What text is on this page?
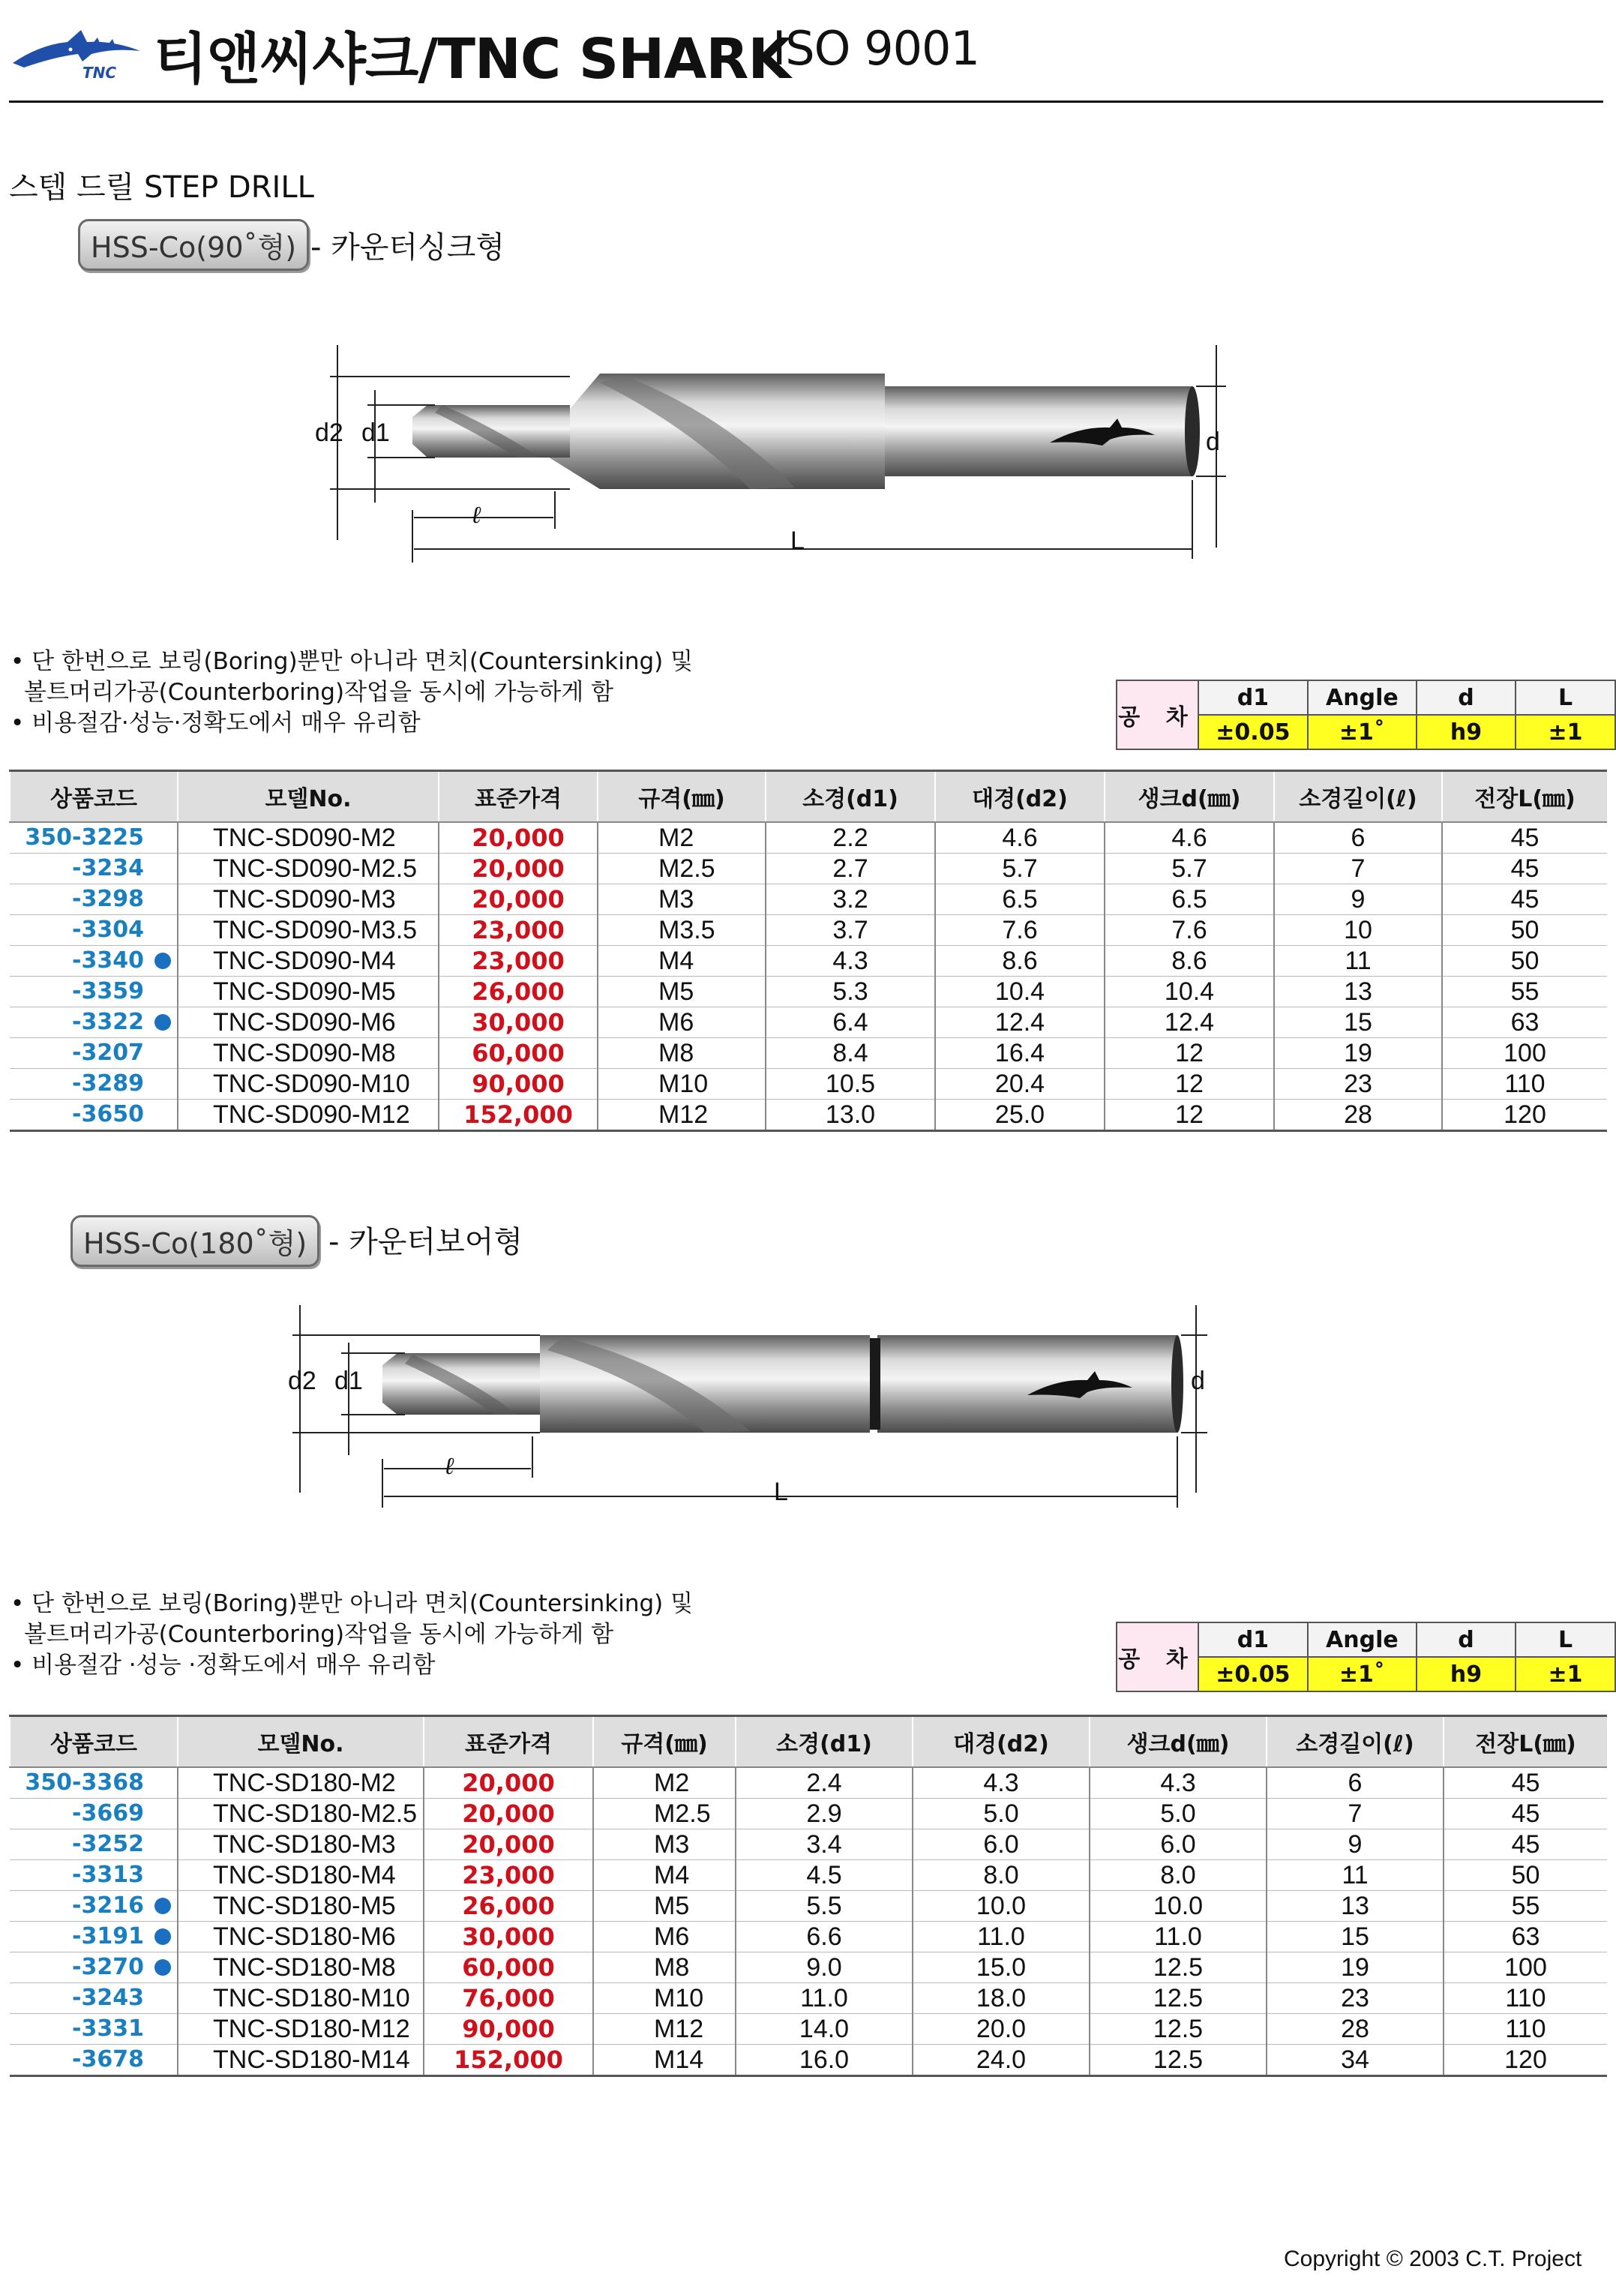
TNC 티앤씨샤크/TNC SHARK
ISO 9001
스텝 드릴 STEP DRILL
HSS-Co(90˚형) - 카운터싱크형
d2 d1	d
ℓ
L
• 단 한번으로 보링(Boring)뿐만 아니라 면치(Countersinking) 및
볼트머리가공(Counterboring)작업을 동시에 가능하게 함
• 비용절감·성능·정확도에서 매우 유리함	공 차	d1	Angle	d	L
	±0.05	±1˚	h9	±1
상품코드	모델No.	표준가격	규격(㎜)	소경(d1)	대경(d2)	생크d(㎜)	소경길이(ℓ)	전장L(㎜)
350-3225	TNC-SD090-M2	20,000	M2	2.2	4.6	4.6	6	45
-3234	TNC-SD090-M2.5	20,000	M2.5	2.7	5.7	5.7	7	45
-3298	TNC-SD090-M3	20,000	M3	3.2	6.5	6.5	9	45
-3304	TNC-SD090-M3.5	23,000	M3.5	3.7	7.6	7.6	10	50
-3340	TNC-SD090-M4	23,000	M4	4.3	8.6	8.6	11	50
-3359	TNC-SD090-M5	26,000	M5	5.3	10.4	10.4	13	55
-3322	TNC-SD090-M6	30,000	M6	6.4	12.4	12.4	15	63
-3207	TNC-SD090-M8	60,000	M8	8.4	16.4	12	19	100
-3289	TNC-SD090-M10	90,000	M10	10.5	20.4	12	23	110
-3650	TNC-SD090-M12	152,000	M12	13.0	25.0	12	28	120
HSS-Co(180˚형) - 카운터보어형
d2 d1	d
ℓ
L
• 단 한번으로 보링(Boring)뿐만 아니라 면치(Countersinking) 및
볼트머리가공(Counterboring)작업을 동시에 가능하게 함
• 비용절감 ·성능 ·정확도에서 매우 유리함	공 차	d1	Angle	d	L
	±0.05	±1˚	h9	±1
상품코드	모델No.	표준가격	규격(㎜)	소경(d1)	대경(d2)	생크d(㎜)	소경길이(ℓ)	전장L(㎜)
350-3368	TNC-SD180-M2	20,000	M2	2.4	4.3	4.3	6	45
-3669	TNC-SD180-M2.5	20,000	M2.5	2.9	5.0	5.0	7	45
-3252	TNC-SD180-M3	20,000	M3	3.4	6.0	6.0	9	45
-3313	TNC-SD180-M4	23,000	M4	4.5	8.0	8.0	11	50
-3216	TNC-SD180-M5	26,000	M5	5.5	10.0	10.0	13	55
-3191	TNC-SD180-M6	30,000	M6	6.6	11.0	11.0	15	63
-3270	TNC-SD180-M8	60,000	M8	9.0	15.0	12.5	19	100
-3243	TNC-SD180-M10	76,000	M10	11.0	18.0	12.5	23	110
-3331	TNC-SD180-M12	90,000	M12	14.0	20.0	12.5	28	110
-3678	TNC-SD180-M14	152,000	M14	16.0	24.0	12.5	34	120
Copyright © 2003 C.T. Project
